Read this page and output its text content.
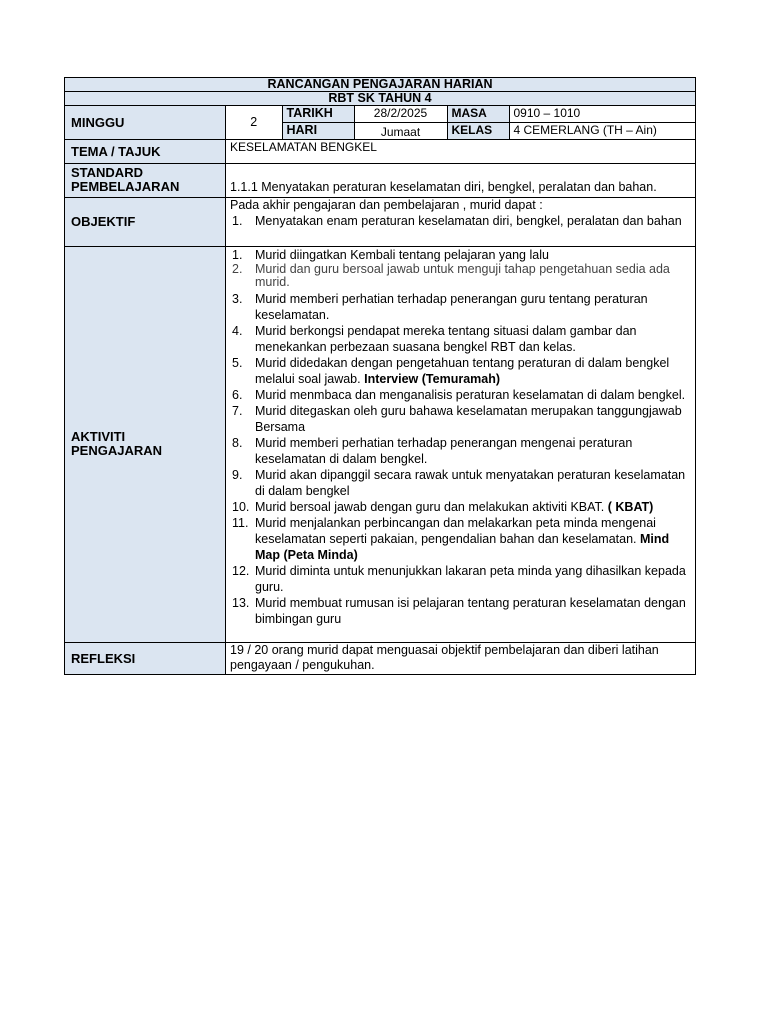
RANCANGAN PENGAJARAN HARIAN
RBT SK TAHUN 4
MINGGU		2	TARIKH	28/2/2025	MASA	0910 – 1010
HARI	Jumaat	KELAS	4 CEMERLANG (TH – Ain)

TEMA / TAJUK	KESELAMATAN BENGKEL

STANDARD
PEMBELAJARAN	1.1.1 Menyatakan peraturan keselamatan diri, bengkel, peralatan dan bahan.
OBJEKTIF	
Pada akhir pengajaran dan pembelajaran , murid dapat :
1. Menyatakan enam peraturan keselamatan diri, bengkel, peralatan dan bahan

AKTIVITI
PENGAJARAN

1. Murid diingatkan Kembali tentang pelajaran yang lalu
2. Murid dan guru bersoal jawab untuk menguji tahap pengetahuan sedia ada murid.
3. Murid memberi perhatian terhadap penerangan guru tentang peraturan keselamatan.
4. Murid berkongsi pendapat mereka tentang situasi dalam gambar dan menekankan perbezaan suasana bengkel RBT dan kelas.
5. Murid didedakan dengan pengetahuan tentang peraturan di dalam bengkel melalui soal jawab. Interview (Temuramah)
6. Murid menmbaca dan menganalisis peraturan keselamatan di dalam bengkel.
7. Murid ditegaskan oleh guru bahawa keselamatan merupakan tanggungjawab Bersama
8. Murid memberi perhatian terhadap penerangan mengenai peraturan keselamatan di dalam bengkel.
9. Murid akan dipanggil secara rawak untuk menyatakan peraturan keselamatan di dalam bengkel
10. Murid bersoal jawab dengan guru dan melakukan aktiviti KBAT. ( KBAT)
11. Murid menjalankan perbincangan dan melakarkan peta minda mengenai keselamatan seperti pakaian, pengendalian bahan dan keselamatan. Mind Map (Peta Minda)
12. Murid diminta untuk menunjukkan lakaran peta minda yang dihasilkan kepada guru.
13. Murid membuat rumusan isi pelajaran tentang peraturan keselamatan dengan bimbingan guru

REFLEKSI	19 / 20 orang murid dapat menguasai objektif pembelajaran dan diberi latihan pengayaan / pengukuhan.
